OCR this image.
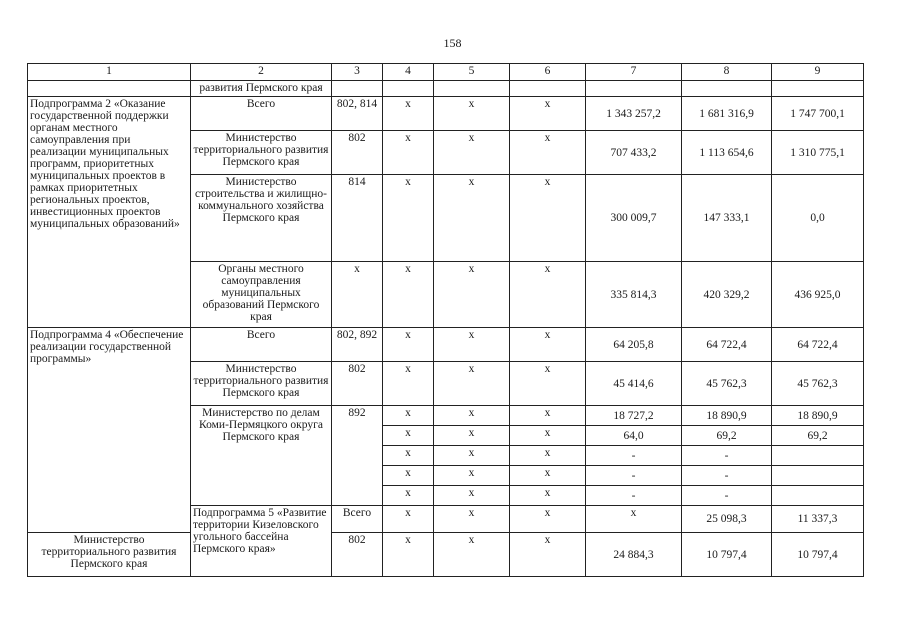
158
1	2	3	4	5	6	7	8	9	
	развития Пермского края								
Подпрограмма 2 «Оказание государственной поддержки органам местного самоуправления при реализации муниципальных программ, приоритетных муниципальных проектов в рамках приоритетных региональных проектов, инвестиционных проектов муниципальных образований»	Всего	802, 814	х	х	х	1 343 257,2	1 681 316,9	1 747 700,1	
	Министерство территориального развития Пермского края	802	х	х	х	707 433,2	1 113 654,6	1 310 775,1	
	Министерство строительства и жилищно-коммунального хозяйства Пермского края	814	х	х	х	300 009,7	147 333,1	0,0	
	Органы местного самоуправления муниципальных образований Пермского края	х	х	х	х	335 814,3	420 329,2	436 925,0	
Подпрограмма 4 «Обеспечение реализации государственной программы»	Всего	802, 892	х	х	х	64 205,8	64 722,4	64 722,4	
	Министерство территориального развития Пермского края	802	х	х	х	45 414,6	45 762,3	45 762,3	
	Министерство по делам Коми-Пермяцкого округа Пермского края	892	х	х	х	18 727,2	18 890,9	18 890,9	
			х	х	х	64,0	69,2	69,2	
			х	х	х	-	-		
			х	х	х	-	-		
			х	х	х	-	-		
	Подпрограмма 5 «Развитие территории Кизеловского угольного бассейна Пермского края»	Всего	х	х	х	х	25 098,3	11 337,3	
Министерство территориального развития Пермского края		802	х	х	х	24 884,3	10 797,4	10 797,4	
